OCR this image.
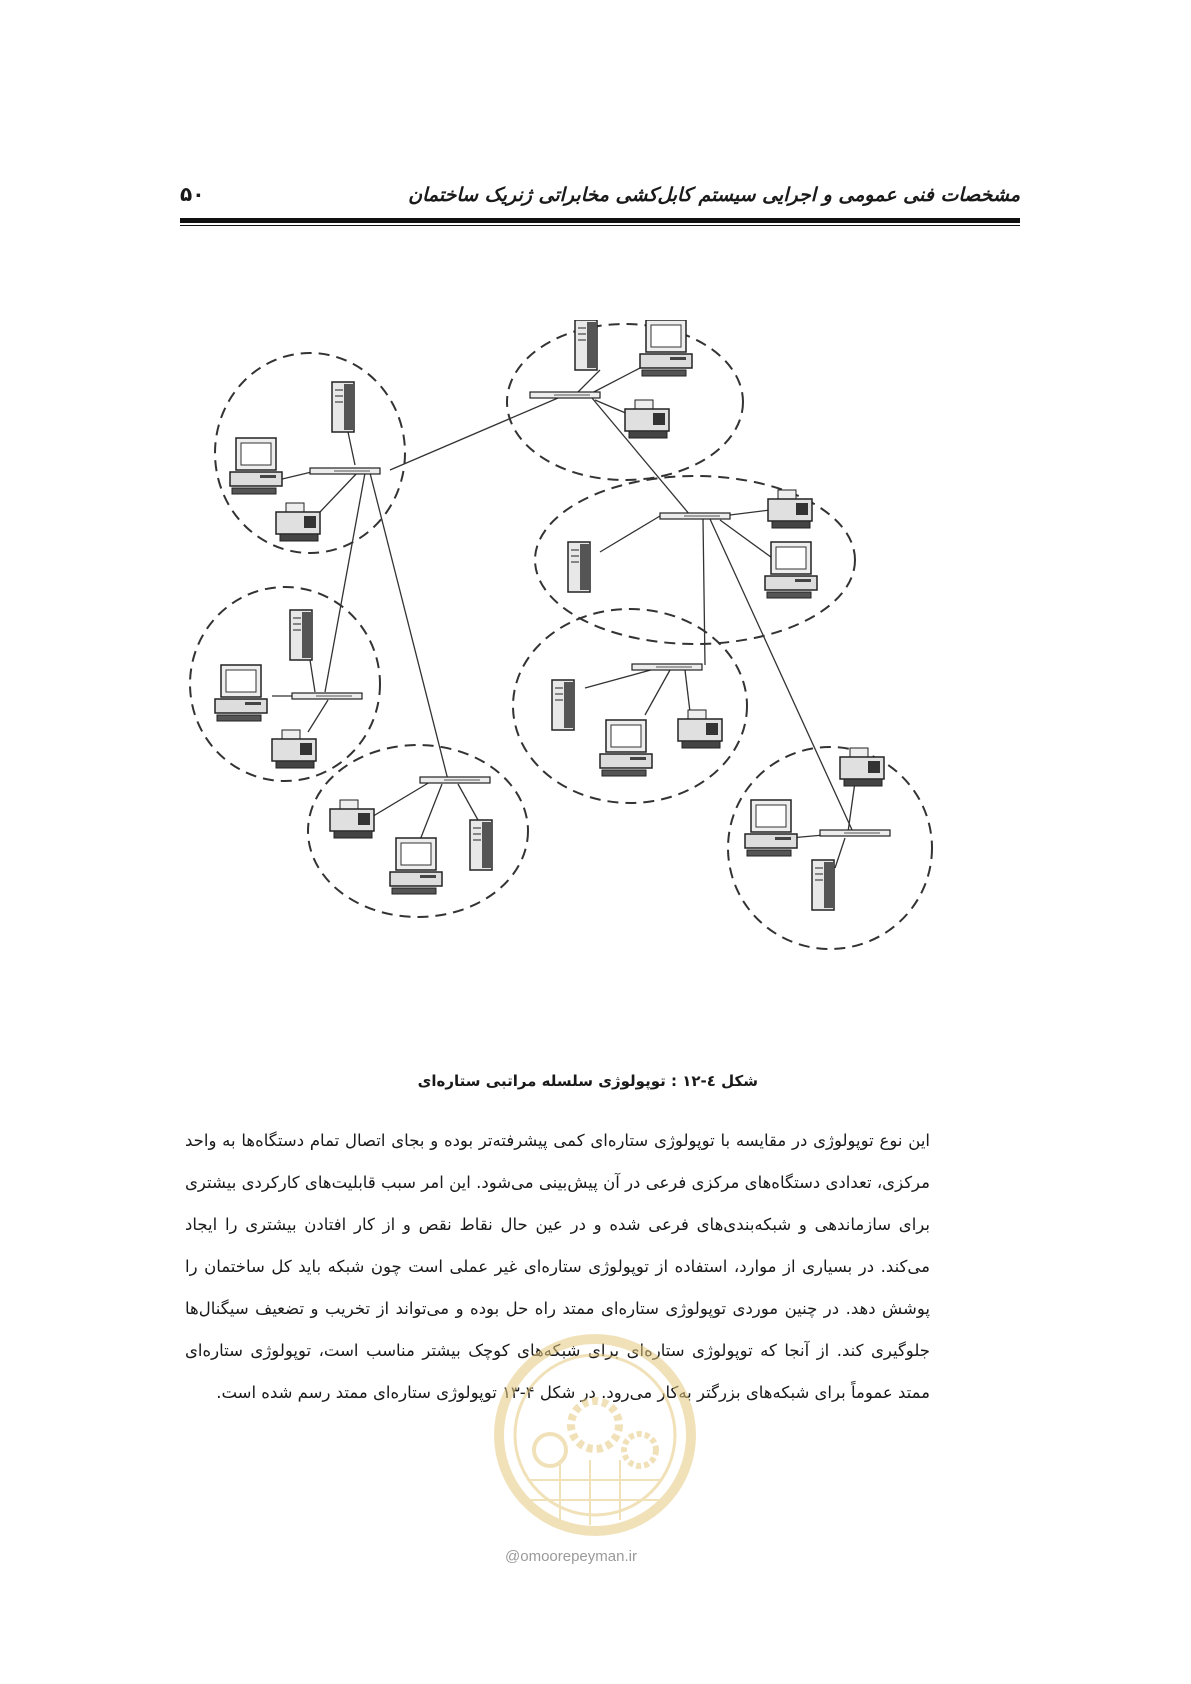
مشخصات فنی عمومی و اجرایی سیستم کابل‌کشی مخابراتی ژنریک ساختمان
۵۰
شکل ٤-١٢ : توپولوژی سلسله مراتبی ستاره‌ای
این نوع توپولوژی در مقایسه با توپولوژی ستاره‌ای کمی پیشرفته‌تر بوده و بجای اتصال تمام دستگاه‌ها به واحد مرکزی، تعدادی دستگاه‌های مرکزی فرعی در آن پیش‌بینی می‌شود. این امر سبب قابلیت‌های کارکردی بیشتری برای سازماندهی و شبکه‌بندی‌های فرعی شده و در عین حال نقاط نقص و از کار افتادن بیشتری را ایجاد می‌کند. در بسیاری از موارد، استفاده از توپولوژی ستاره‌ای غیر عملی است چون شبکه باید کل ساختمان را پوشش دهد. در چنین موردی توپولوژی ستاره‌ای ممتد راه حل بوده و می‌تواند از تخریب و تضعیف سیگنال‌ها جلوگیری کند. از آنجا که توپولوژی ستاره‌ای برای شبکه‌های کوچک بیشتر مناسب است، توپولوژی ستاره‌ای ممتد عموماً برای شبکه‌های بزرگتر به‌کار می‌رود. در شکل ۴-۱۳ توپولوژی ستاره‌ای ممتد رسم شده است.
@omoorepeyman.ir
